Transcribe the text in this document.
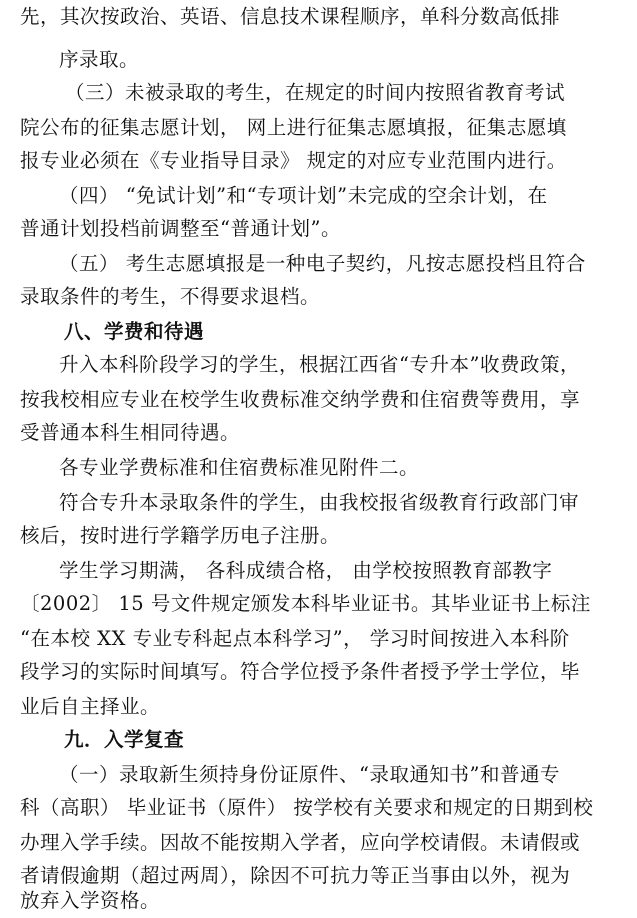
先，其次按政治、英语、信息技术课程顺序，单科分数高低排
序录取。
（三）未被录取的考生，在规定的时间内按照省教育考试
院公布的征集志愿计划， 网上进行征集志愿填报，征集志愿填
报专业必须在《专业指导目录》 规定的对应专业范围内进行。
（四） “免试计划”和“专项计划”未完成的空余计划，在
普通计划投档前调整至“普通计划”。
（五） 考生志愿填报是一种电子契约，凡按志愿投档且符合
录取条件的考生，不得要求退档。
八、学费和待遇
升入本科阶段学习的学生，根据江西省“专升本”收费政策，
按我校相应专业在校学生收费标准交纳学费和住宿费等费用，享
受普通本科生相同待遇。
各专业学费标准和住宿费标准见附件二。
符合专升本录取条件的学生，由我校报省级教育行政部门审
核后，按时进行学籍学历电子注册。
学生学习期满， 各科成绩合格， 由学校按照教育部教字
〔2002〕 15 号文件规定颁发本科毕业证书。其毕业证书上标注
“在本校 XX 专业专科起点本科学习”， 学习时间按进入本科阶
段学习的实际时间填写。符合学位授予条件者授予学士学位，毕
业后自主择业。
九．入学复查
（一）录取新生须持身份证原件、“录取通知书”和普通专
科（高职） 毕业证书（原件） 按学校有关要求和规定的日期到校
办理入学手续。因故不能按期入学者，应向学校请假。未请假或
者请假逾期（超过两周），除因不可抗力等正当事由以外，视为
放弃入学资格。
